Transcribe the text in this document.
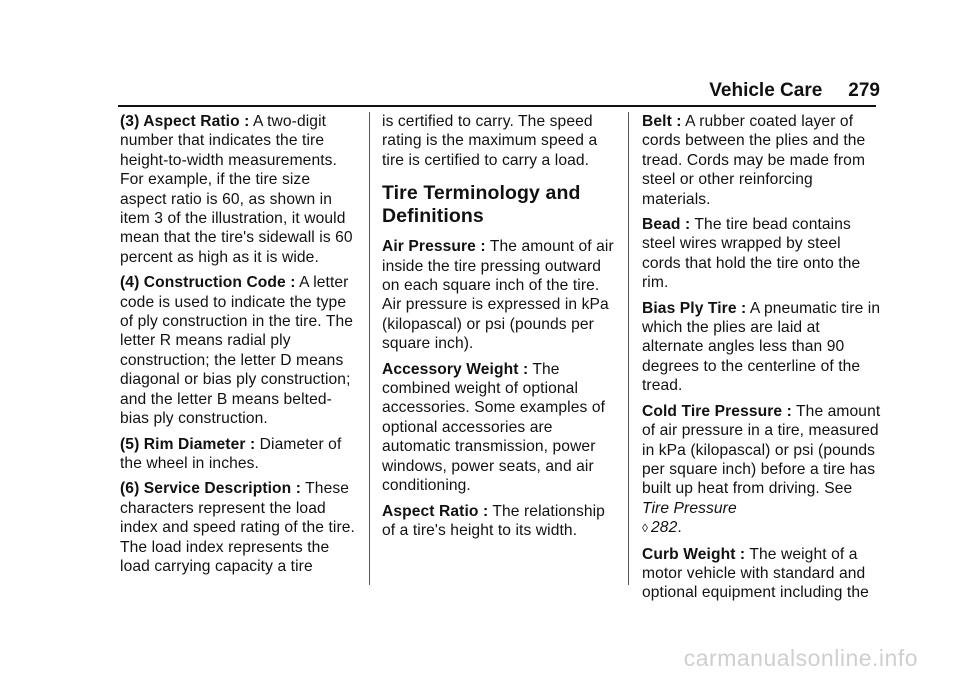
Vehicle Care 279

(3) Aspect Ratio : A two-digit number that indicates the tire height-to-width measurements. For example, if the tire size aspect ratio is 60, as shown in item 3 of the illustration, it would mean that the tire's sidewall is 60 percent as high as it is wide.

(4) Construction Code : A letter code is used to indicate the type of ply construction in the tire. The letter R means radial ply construction; the letter D means diagonal or bias ply construction; and the letter B means belted-bias ply construction.

(5) Rim Diameter : Diameter of the wheel in inches.

(6) Service Description : These characters represent the load index and speed rating of the tire. The load index represents the load carrying capacity a tire

is certified to carry. The speed rating is the maximum speed a tire is certified to carry a load.

Tire Terminology and Definitions

Air Pressure : The amount of air inside the tire pressing outward on each square inch of the tire. Air pressure is expressed in kPa (kilopascal) or psi (pounds per square inch).

Accessory Weight : The combined weight of optional accessories. Some examples of optional accessories are automatic transmission, power windows, power seats, and air conditioning.

Aspect Ratio : The relationship of a tire's height to its width.

Belt : A rubber coated layer of cords between the plies and the tread. Cords may be made from steel or other reinforcing materials.

Bead : The tire bead contains steel wires wrapped by steel cords that hold the tire onto the rim.

Bias Ply Tire : A pneumatic tire in which the plies are laid at alternate angles less than 90 degrees to the centerline of the tread.

Cold Tire Pressure : The amount of air pressure in a tire, measured in kPa (kilopascal) or psi (pounds per square inch) before a tire has built up heat from driving. See Tire Pressure
◊ 282.

Curb Weight : The weight of a motor vehicle with standard and optional equipment including the

carmanualsonline.info
